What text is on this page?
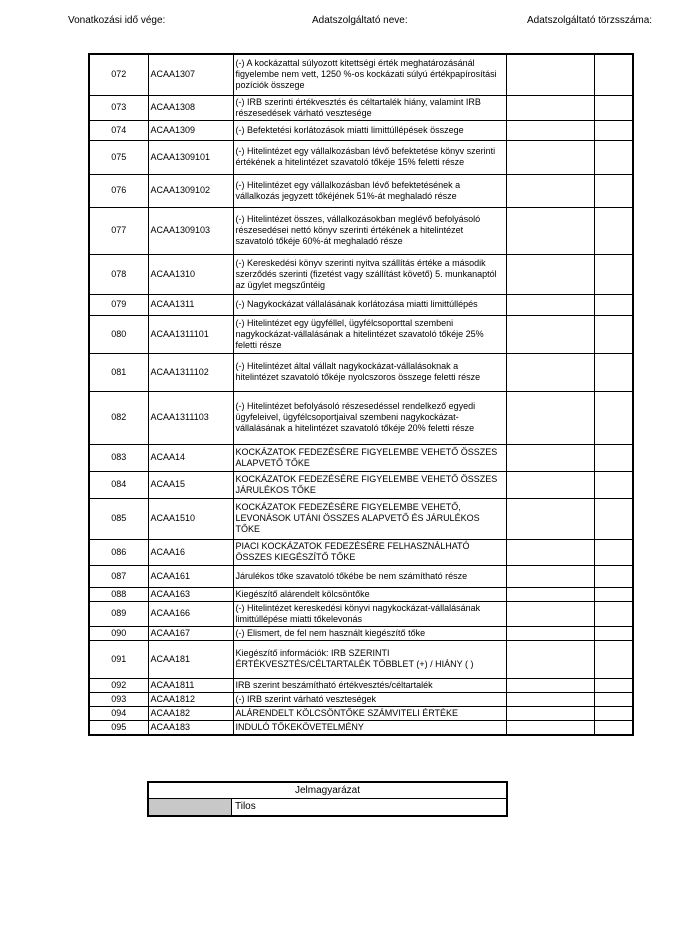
Vonatkozási idő vége:	Adatszolgáltató neve:	Adatszolgáltató törzsszáma:
072	ACAA1307	(-) A kockázattal súlyozott kitettségi érték meghatározásánál figyelembe nem vett, 1250 %-os kockázati súlyú értékpapírosítási pozíciók összege		
073	ACAA1308	(-) IRB szerinti értékvesztés és céltartalék hiány, valamint IRB részesedések várható vesztesége		
074	ACAA1309	(-) Befektetési korlátozások miatti limittúllépések összege		
075	ACAA1309101	(-) Hitelintézet egy vállalkozásban lévő befektetése könyv szerinti értékének a hitelintézet szavatoló tőkéje 15% feletti része		
076	ACAA1309102	(-) Hitelintézet egy vállalkozásban lévő befektetésének a vállalkozás jegyzett tőkéjének 51%-át meghaladó része		
077	ACAA1309103	(-) Hitelintézet összes, vállalkozásokban meglévő befolyásoló részesedései nettó könyv szerinti értékének a hitelintézet szavatoló tőkéje 60%-át meghaladó része		
078	ACAA1310	(-) Kereskedési könyv szerinti nyitva szállítás értéke a második szerződés szerinti (fizetést vagy szállítást követő) 5. munkanaptól az ügylet megszűntéig		
079	ACAA1311	(-) Nagykockázat vállalásának korlátozása miatti limittúllépés		
080	ACAA1311101	(-) Hitelintézet egy ügyféllel, ügyfélcsoporttal szembeni nagykockázat-vállalásának a hitelintézet szavatoló tőkéje 25% feletti része		
081	ACAA1311102	(-) Hitelintézet által vállalt nagykockázat-vállalásoknak a hitelintézet szavatoló tőkéje nyolcszoros összege feletti része		
082	ACAA1311103	(-) Hitelintézet befolyásoló részesedéssel rendelkező egyedi ügyfeleivel, ügyfélcsoportjaival szembeni nagykockázat-vállalásának a hitelintézet szavatoló tőkéje 20% feletti része		
083	ACAA14	KOCKÁZATOK FEDEZÉSÉRE FIGYELEMBE VEHETŐ ÖSSZES ALAPVETŐ TŐKE		
084	ACAA15	KOCKÁZATOK FEDEZÉSÉRE FIGYELEMBE VEHETŐ ÖSSZES JÁRULÉKOS TŐKE		
085	ACAA1510	KOCKÁZATOK FEDEZÉSÉRE FIGYELEMBE VEHETŐ, LEVONÁSOK UTÁNI ÖSSZES ALAPVETŐ ÉS JÁRULÉKOS TŐKE		
086	ACAA16	PIACI KOCKÁZATOK FEDEZÉSÉRE FELHASZNÁLHATÓ ÖSSZES KIEGÉSZÍTŐ TŐKE		
087	ACAA161	Járulékos tőke szavatoló tőkébe be nem számítható része		
088	ACAA163	Kiegészítő alárendelt kölcsöntőke		
089	ACAA166	(-) Hitelintézet kereskedési könyvi nagykockázat-vállalásának limittúllépése miatti tőkelevonás		
090	ACAA167	(-) Elismert, de fel nem használt kiegészítő tőke		
091	ACAA181	Kiegészítő információk: IRB SZERINTI ÉRTÉKVESZTÉS/CÉLTARTALÉK TÖBBLET (+) / HIÁNY ( )		
092	ACAA1811	IRB szerint beszámítható értékvesztés/céltartalék		
093	ACAA1812	(-) IRB szerint várható veszteségek		
094	ACAA182	ALÁRENDELT KÖLCSÖNTŐKE SZÁMVITELI ÉRTÉKE		
095	ACAA183	INDULÓ TŐKEKÖVETELMÉNY		
Jelmagyarázat
Tilos
